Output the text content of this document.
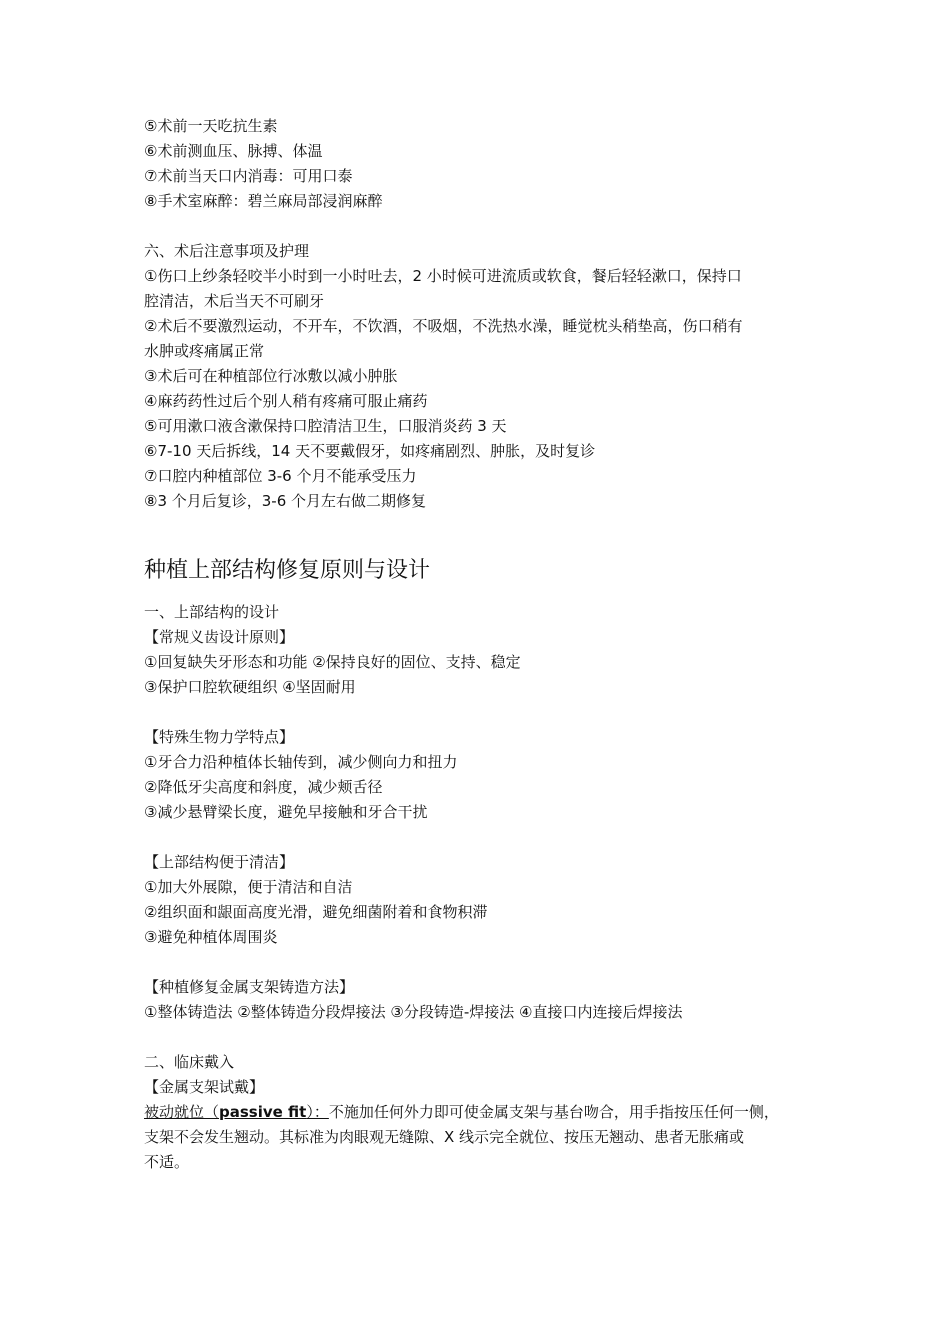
⑤术前一天吃抗生素
⑥术前测血压、脉搏、体温
⑦术前当天口内消毒：可用口泰
⑧手术室麻醉：碧兰麻局部浸润麻醉
六、术后注意事项及护理
①伤口上纱条轻咬半小时到一小时吐去，2 小时候可进流质或软食，餐后轻轻漱口，保持口
腔清洁，术后当天不可刷牙
②术后不要激烈运动，不开车，不饮酒，不吸烟，不洗热水澡，睡觉枕头稍垫高，伤口稍有
水肿或疼痛属正常
③术后可在种植部位行冰敷以减小肿胀
④麻药药性过后个别人稍有疼痛可服止痛药
⑤可用漱口液含漱保持口腔清洁卫生，口服消炎药 3 天
⑥7-10 天后拆线，14 天不要戴假牙，如疼痛剧烈、肿胀，及时复诊
⑦口腔内种植部位 3-6 个月不能承受压力
⑧3 个月后复诊，3-6 个月左右做二期修复
种植上部结构修复原则与设计
一、上部结构的设计
【常规义齿设计原则】
①回复缺失牙形态和功能 ②保持良好的固位、支持、稳定
③保护口腔软硬组织 ④坚固耐用
【特殊生物力学特点】
①牙合力沿种植体长轴传到，减少侧向力和扭力
②降低牙尖高度和斜度，减少颊舌径
③减少悬臂梁长度，避免早接触和牙合干扰
【上部结构便于清洁】
①加大外展隙，便于清洁和自洁
②组织面和龈面高度光滑，避免细菌附着和食物积滞
③避免种植体周围炎
【种植修复金属支架铸造方法】
①整体铸造法 ②整体铸造分段焊接法 ③分段铸造-焊接法 ④直接口内连接后焊接法
二、临床戴入
【金属支架试戴】
被动就位（passive fit）：不施加任何外力即可使金属支架与基台吻合，用手指按压任何一侧，
支架不会发生翘动。其标准为肉眼观无缝隙、X 线示完全就位、按压无翘动、患者无胀痛或
不适。
